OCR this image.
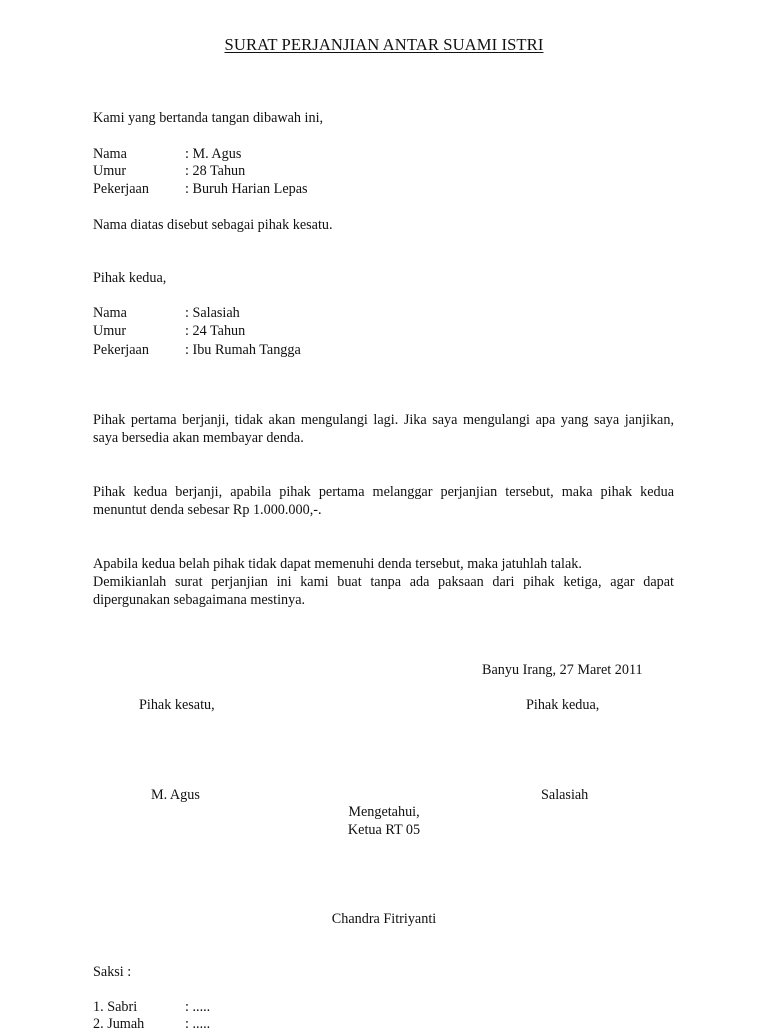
SURAT PERJANJIAN ANTAR SUAMI ISTRI
Kami yang bertanda tangan dibawah ini,
Nama	: M. Agus
Umur	: 28 Tahun
Pekerjaan	: Buruh Harian Lepas
Nama diatas disebut sebagai pihak kesatu.
Pihak kedua,
Nama	: Salasiah
Umur	: 24 Tahun
Pekerjaan	: Ibu Rumah Tangga
Pihak pertama berjanji, tidak akan mengulangi lagi. Jika saya mengulangi apa yang saya janjikan, saya bersedia akan membayar denda.
Pihak kedua berjanji, apabila pihak pertama melanggar perjanjian tersebut, maka pihak kedua menuntut denda sebesar Rp 1.000.000,-.
Apabila kedua belah pihak tidak dapat memenuhi denda tersebut, maka jatuhlah talak.
Demikianlah surat perjanjian ini kami buat tanpa ada paksaan dari pihak ketiga, agar dapat dipergunakan sebagaimana mestinya.
Banyu Irang, 27 Maret 2011
Pihak kesatu,	Pihak kedua,
M. Agus	Salasiah
Mengetahui,
Ketua RT 05
Chandra Fitriyanti
Saksi :
1. Sabri	: .....
2. Jumah	: .....
